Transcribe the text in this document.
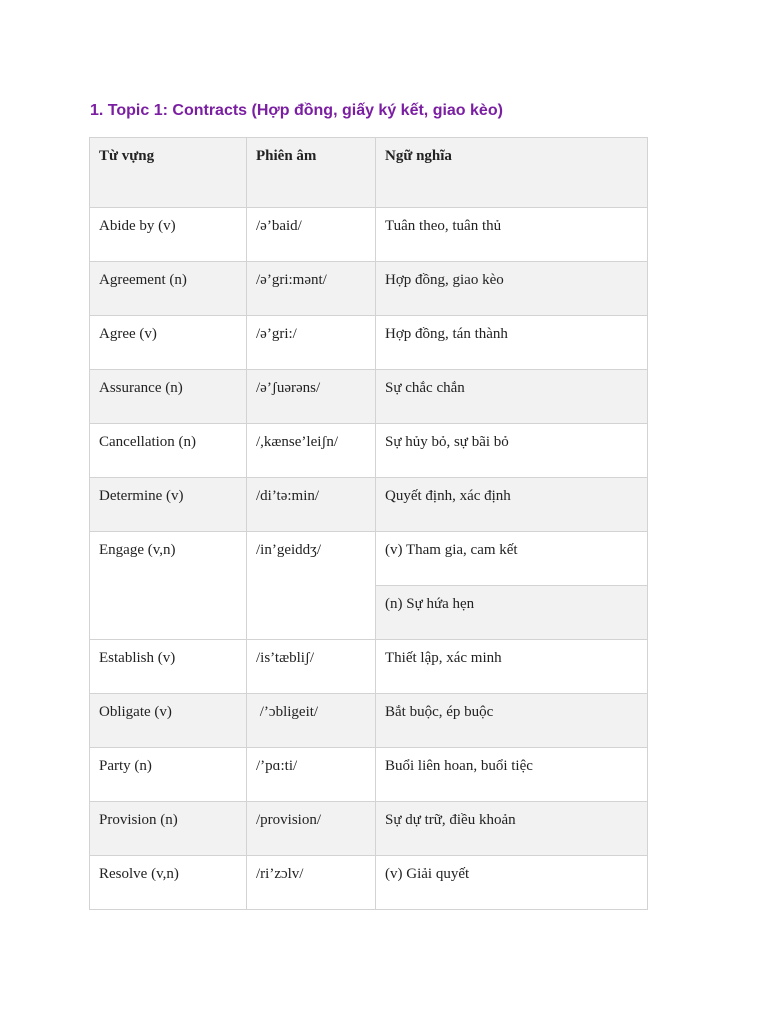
1. Topic 1: Contracts (Hợp đồng, giấy ký kết, giao kèo)
Từ vựng	Phiên âm	Ngữ nghĩa
Abide by (v)	/ə’baid/	Tuân theo, tuân thủ
Agreement (n)	/ə’gri:mənt/	Hợp đồng, giao kèo
Agree (v)	/ə’gri:/	Hợp đồng, tán thành
Assurance (n)	/ə’ʃuərəns/	Sự chắc chắn
Cancellation (n)	/,kænse’leiʃn/	Sự hủy bỏ, sự bãi bỏ
Determine (v)	/di’tə:min/	Quyết định, xác định
Engage (v,n)	/in’geiddʒ/	(v) Tham gia, cam kết
		(n) Sự hứa hẹn
Establish (v)	/is’tæbliʃ/	Thiết lập, xác minh
Obligate (v)	/’ɔbligeit/	Bắt buộc, ép buộc
Party (n)	/’pɑ:ti/	Buổi liên hoan, buổi tiệc
Provision (n)	/provision/	Sự dự trữ, điều khoản
Resolve (v,n)	/ri’zɔlv/	(v) Giải quyết
